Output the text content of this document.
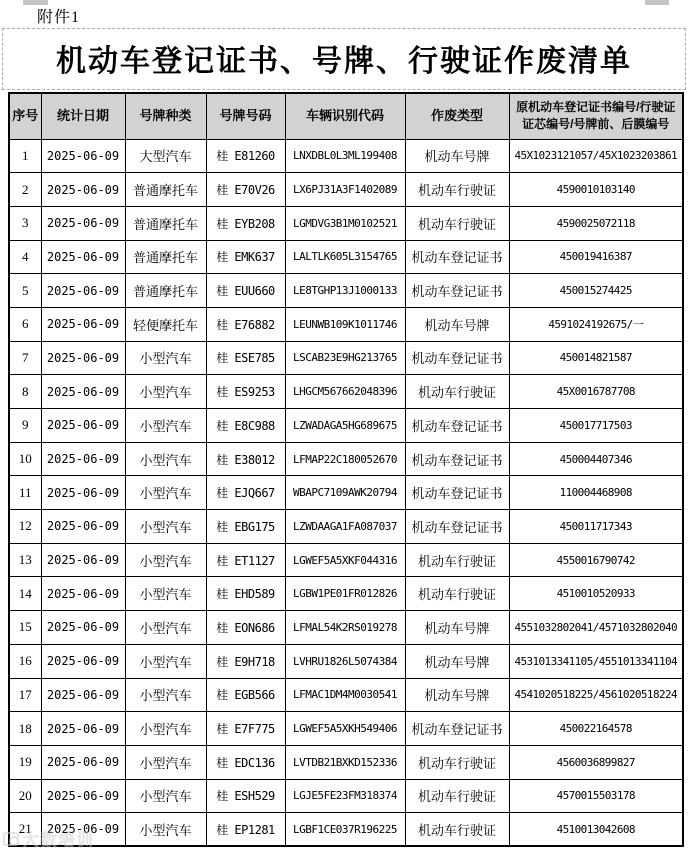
附件1
机动车登记证书、号牌、行驶证作废清单
序号	统计日期	号牌种类	号牌号码	车辆识别代码	作废类型	原机动车登记证书编号/行驶证证芯编号/号牌前、后膜编号
1	2025-06-09	大型汽车	桂 E81260	LNXDBL0L3ML199408	机动车号牌	45X1023121057/45X1023203861
2	2025-06-09	普通摩托车	桂 E70V26	LX6PJ31A3F1402089	机动车行驶证	4590010103140
3	2025-06-09	普通摩托车	桂 EYB208	LGMDVG3B1M0102521	机动车行驶证	4590025072118
4	2025-06-09	普通摩托车	桂 EMK637	LALTLK605L3154765	机动车登记证书	450019416387
5	2025-06-09	普通摩托车	桂 EUU660	LE8TGHP13J1000133	机动车登记证书	450015274425
6	2025-06-09	轻便摩托车	桂 E76882	LEUNWB109K1011746	机动车号牌	4591024192675/一
7	2025-06-09	小型汽车	桂 ESE785	LSCAB23E9HG213765	机动车登记证书	450014821587
8	2025-06-09	小型汽车	桂 ES9253	LHGCM567662048396	机动车行驶证	45X0016787708
9	2025-06-09	小型汽车	桂 E8C988	LZWADAGA5HG689675	机动车登记证书	450017717503
10	2025-06-09	小型汽车	桂 E38012	LFMAP22C180052670	机动车登记证书	450004407346
11	2025-06-09	小型汽车	桂 EJQ667	WBAPC7109AWK20794	机动车登记证书	110004468908
12	2025-06-09	小型汽车	桂 EBG175	LZWDAAGA1FA087037	机动车登记证书	450011717343
13	2025-06-09	小型汽车	桂 ET1127	LGWEF5A5XKF044316	机动车行驶证	4550016790742
14	2025-06-09	小型汽车	桂 EHD589	LGBW1PE01FR012826	机动车行驶证	4510010520933
15	2025-06-09	小型汽车	桂 EON686	LFMAL54K2RS019278	机动车号牌	4551032802041/4571032802040
16	2025-06-09	小型汽车	桂 E9H718	LVHRU1826L5074384	机动车号牌	4531013341105/4551013341104
17	2025-06-09	小型汽车	桂 EGB566	LFMAC1DM4M0030541	机动车号牌	4541020518225/4561020518224
18	2025-06-09	小型汽车	桂 E7F775	LGWEF5A5XKH549406	机动车登记证书	450022164578
19	2025-06-09	小型汽车	桂 EDC136	LVTDB21BXKD152336	机动车行驶证	4560036899827
20	2025-06-09	小型汽车	桂 ESH529	LGJE5FE23FM318374	机动车行驶证	4570015503178
21	2025-06-09	小型汽车	桂 EP1281	LGBF1CE037R196225	机动车行驶证	4510013042608
大数培训
